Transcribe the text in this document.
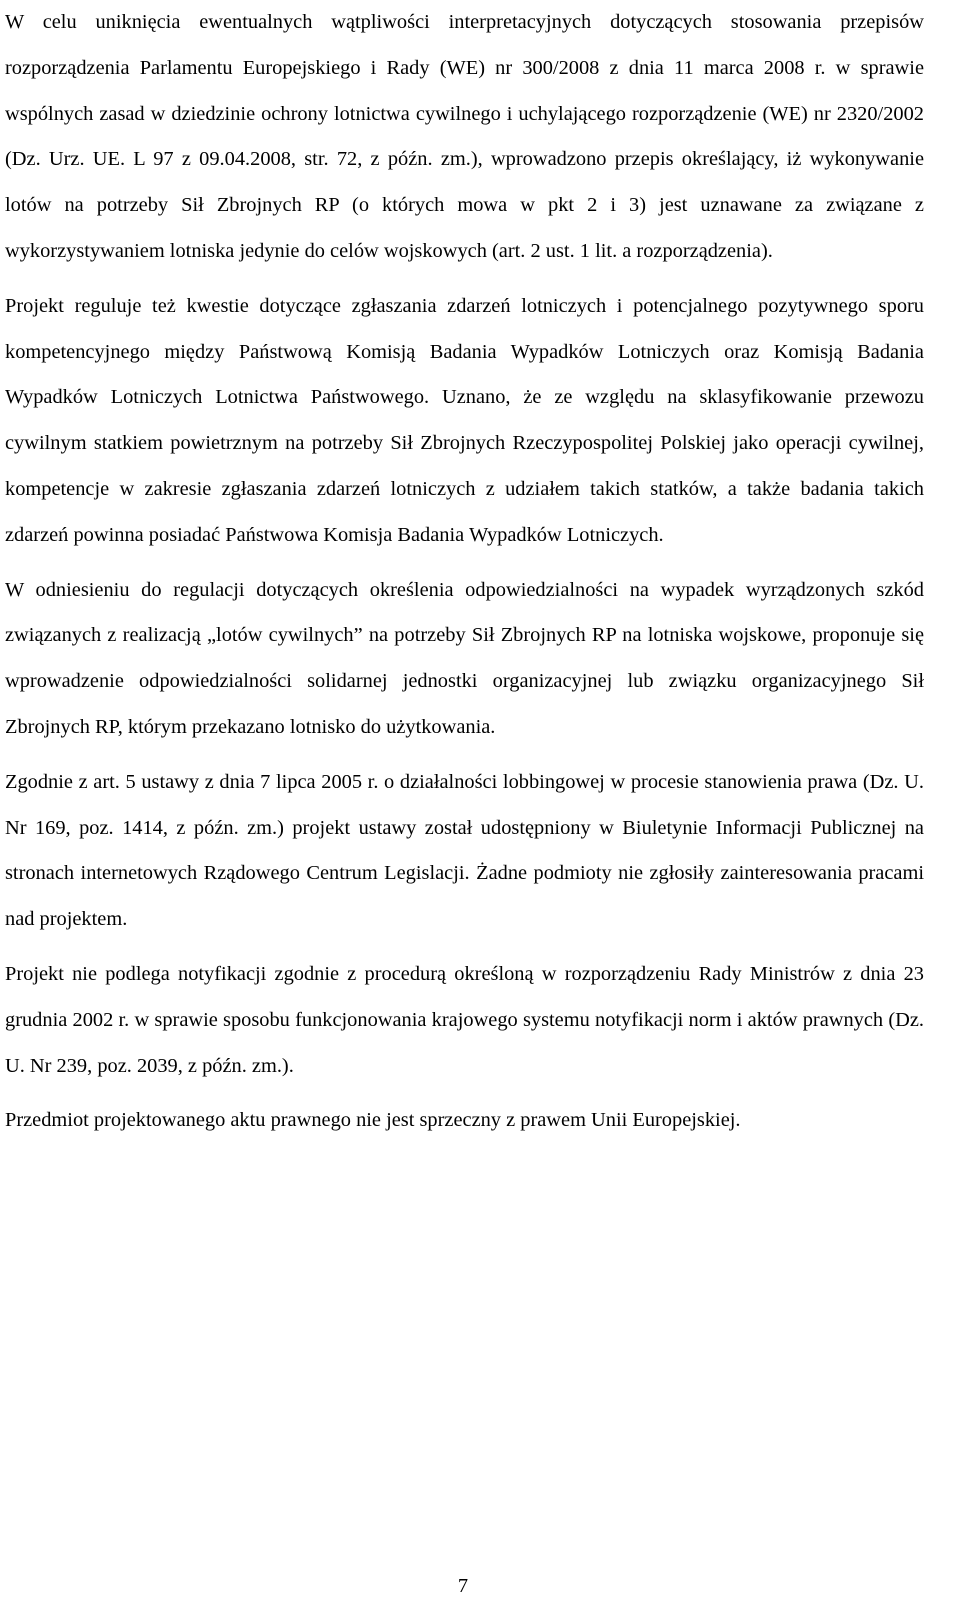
W celu uniknięcia ewentualnych wątpliwości interpretacyjnych dotyczących stosowania przepisów rozporządzenia Parlamentu Europejskiego i Rady (WE) nr 300/2008 z dnia 11 marca 2008 r. w sprawie wspólnych zasad w dziedzinie ochrony lotnictwa cywilnego i uchylającego rozporządzenie (WE) nr 2320/2002 (Dz. Urz. UE. L 97 z 09.04.2008, str. 72, z późn. zm.), wprowadzono przepis określający, iż wykonywanie lotów na potrzeby Sił Zbrojnych RP (o których mowa w pkt 2 i 3) jest uznawane za związane z wykorzystywaniem lotniska jedynie do celów wojskowych (art. 2 ust. 1 lit. a rozporządzenia).

Projekt reguluje też kwestie dotyczące zgłaszania zdarzeń lotniczych i potencjalnego pozytywnego sporu kompetencyjnego między Państwową Komisją Badania Wypadków Lotniczych oraz Komisją Badania Wypadków Lotniczych Lotnictwa Państwowego. Uznano, że ze względu na sklasyfikowanie przewozu cywilnym statkiem powietrznym na potrzeby Sił Zbrojnych Rzeczypospolitej Polskiej jako operacji cywilnej, kompetencje w zakresie zgłaszania zdarzeń lotniczych z udziałem takich statków, a także badania takich zdarzeń powinna posiadać Państwowa Komisja Badania Wypadków Lotniczych.

W odniesieniu do regulacji dotyczących określenia odpowiedzialności na wypadek wyrządzonych szkód związanych z realizacją „lotów cywilnych” na potrzeby Sił Zbrojnych RP na lotniska wojskowe, proponuje się wprowadzenie odpowiedzialności solidarnej jednostki organizacyjnej lub związku organizacyjnego Sił Zbrojnych RP, którym przekazano lotnisko do użytkowania.

Zgodnie z art. 5 ustawy z dnia 7 lipca 2005 r. o działalności lobbingowej w procesie stanowienia prawa (Dz. U. Nr 169, poz. 1414, z późn. zm.) projekt ustawy został udostępniony w Biuletynie Informacji Publicznej na stronach internetowych Rządowego Centrum Legislacji. Żadne podmioty nie zgłosiły zainteresowania pracami nad projektem.

Projekt nie podlega notyfikacji zgodnie z procedurą określoną w rozporządzeniu Rady Ministrów z dnia 23 grudnia 2002 r. w sprawie sposobu funkcjonowania krajowego systemu notyfikacji norm i aktów prawnych (Dz. U. Nr 239, poz. 2039, z późn. zm.).

Przedmiot projektowanego aktu prawnego nie jest sprzeczny z prawem Unii Europejskiej.

7
